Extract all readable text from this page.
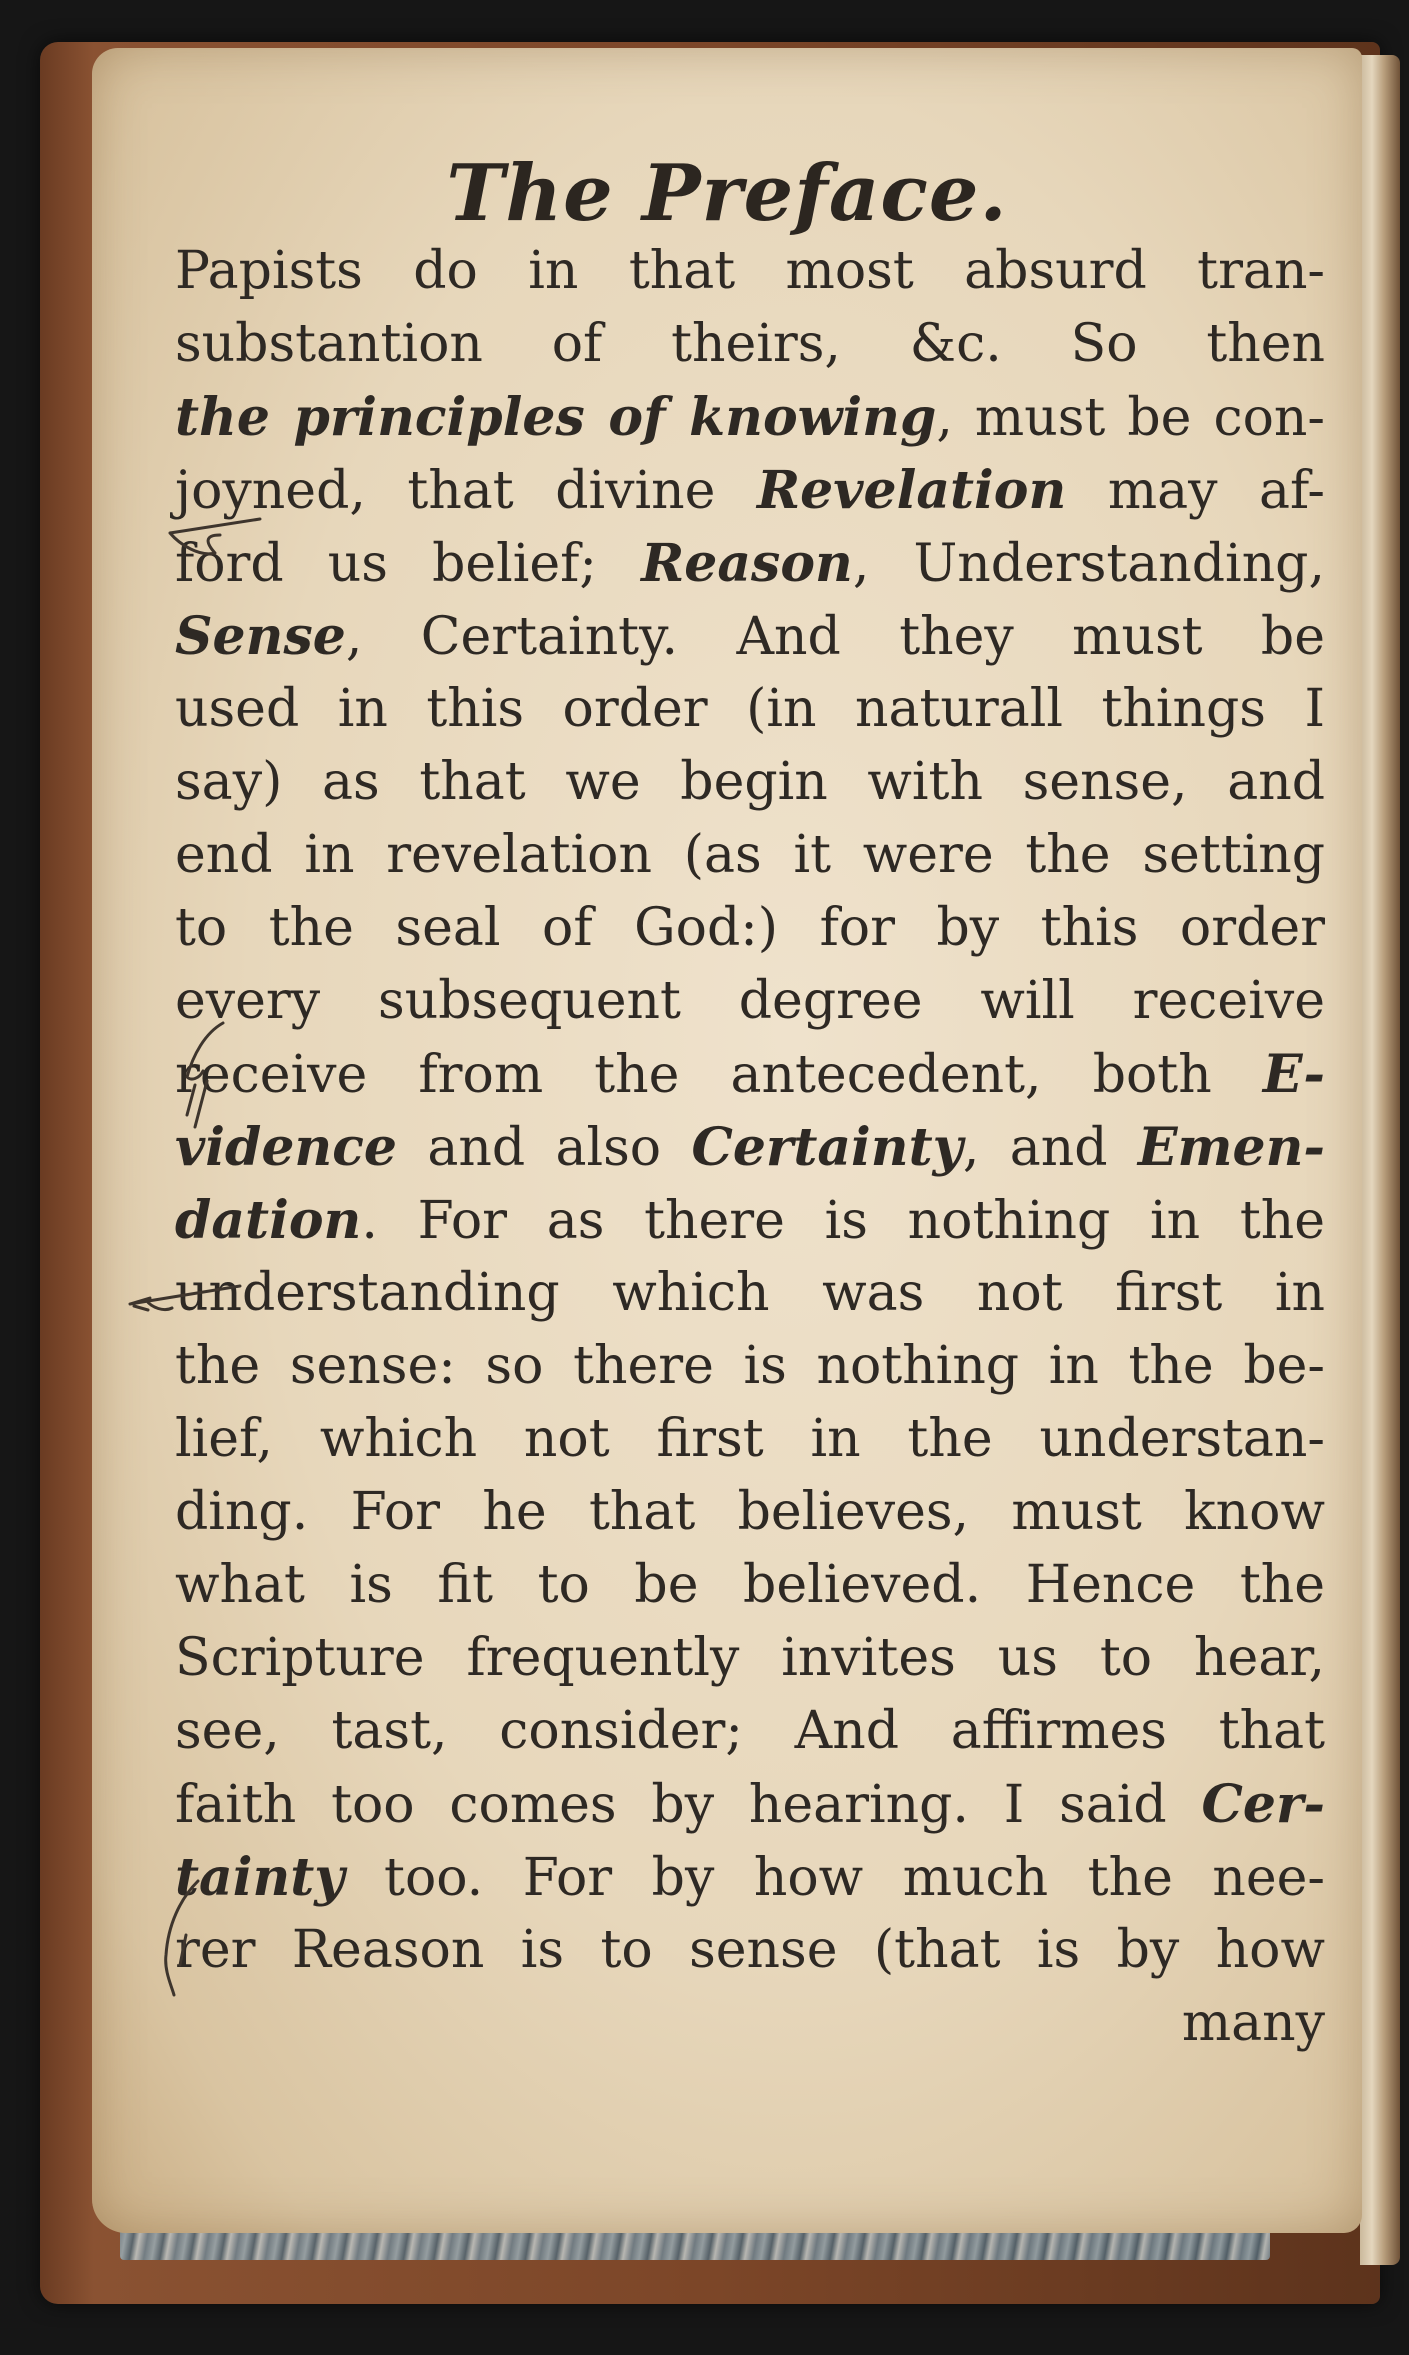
The Preface.
Papists do in that most absurd tran-
substantion of theirs, &c. So then
the principles of knowing, must be con-
joyned, that divine Revelation may af-
ford us belief; Reason, Understanding,
Sense, Certainty. And they must be
used in this order (in naturall things I
say) as that we begin with sense, and
end in revelation (as it were the setting
to the seal of God:) for by this order
every subsequent degree will receive
receive from the antecedent, both E-
vidence and also Certainty, and Emen-
dation. For as there is nothing in the
understanding which was not first in
the sense: so there is nothing in the be-
lief, which not first in the understan-
ding. For he that believes, must know
what is fit to be believed. Hence the
Scripture frequently invites us to hear,
see, tast, consider; And affirmes that
faith too comes by hearing. I said Cer-
tainty too. For by how much the nee-
rer Reason is to sense (that is by how
many
